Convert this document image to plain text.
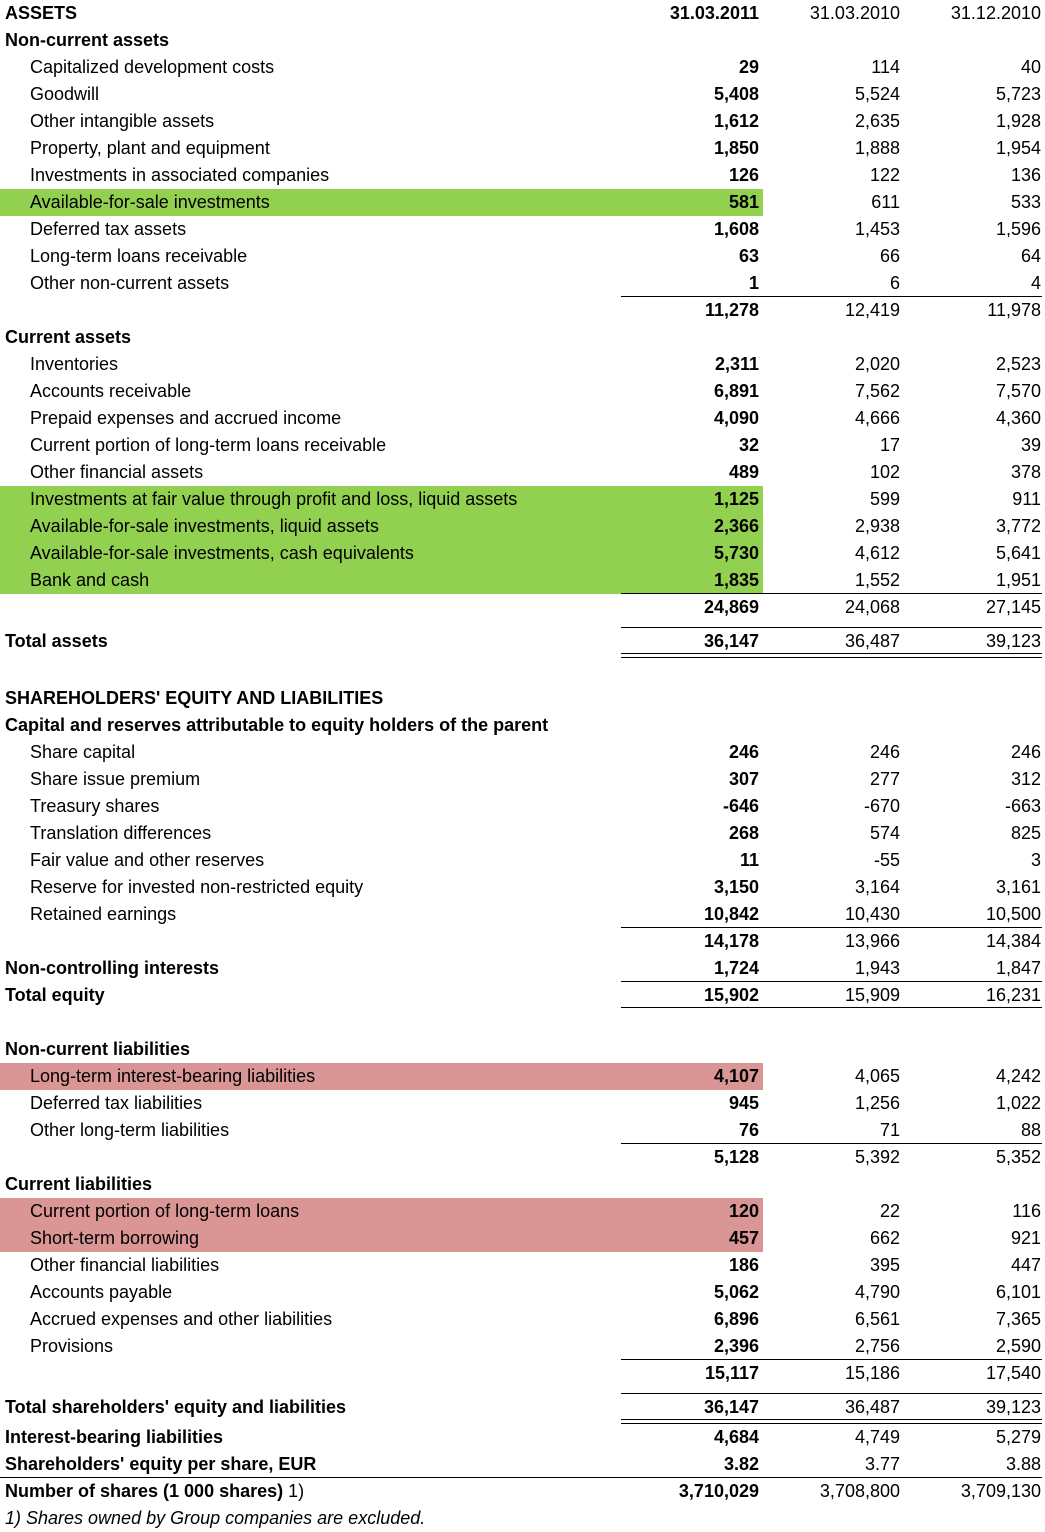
ASSETS	31.03.2011	31.03.2010	31.12.2010
Non-current assets
Capitalized development costs	29	114	40
Goodwill	5,408	5,524	5,723
Other intangible assets	1,612	2,635	1,928
Property, plant and equipment	1,850	1,888	1,954
Investments in associated companies	126	122	136
Available-for-sale investments	581	611	533
Deferred tax assets	1,608	1,453	1,596
Long-term loans receivable	63	66	64
Other non-current assets	1	6	4
11,278	12,419	11,978
Current assets
Inventories	2,311	2,020	2,523
Accounts receivable	6,891	7,562	7,570
Prepaid expenses and accrued income	4,090	4,666	4,360
Current portion of long-term loans receivable	32	17	39
Other financial assets	489	102	378
Investments at fair value through profit and loss, liquid assets	1,125	599	911
Available-for-sale investments, liquid assets	2,366	2,938	3,772
Available-for-sale investments, cash equivalents	5,730	4,612	5,641
Bank and cash	1,835	1,552	1,951
24,869	24,068	27,145
Total assets	36,147	36,487	39,123
SHAREHOLDERS' EQUITY AND LIABILITIES
Capital and reserves attributable to equity holders of the parent
Share capital	246	246	246
Share issue premium	307	277	312
Treasury shares	-646	-670	-663
Translation differences	268	574	825
Fair value and other reserves	11	-55	3
Reserve for invested non-restricted equity	3,150	3,164	3,161
Retained earnings	10,842	10,430	10,500
14,178	13,966	14,384
Non-controlling interests	1,724	1,943	1,847
Total equity	15,902	15,909	16,231
Non-current liabilities
Long-term interest-bearing liabilities	4,107	4,065	4,242
Deferred tax liabilities	945	1,256	1,022
Other long-term liabilities	76	71	88
5,128	5,392	5,352
Current liabilities
Current portion of long-term loans	120	22	116
Short-term borrowing	457	662	921
Other financial liabilities	186	395	447
Accounts payable	5,062	4,790	6,101
Accrued expenses and other liabilities	6,896	6,561	7,365
Provisions	2,396	2,756	2,590
15,117	15,186	17,540
Total shareholders' equity and liabilities	36,147	36,487	39,123
Interest-bearing liabilities	4,684	4,749	5,279
Shareholders' equity per share, EUR	3.82	3.77	3.88
Number of shares (1 000 shares) 1)	3,710,029	3,708,800	3,709,130
1) Shares owned by Group companies are excluded.
